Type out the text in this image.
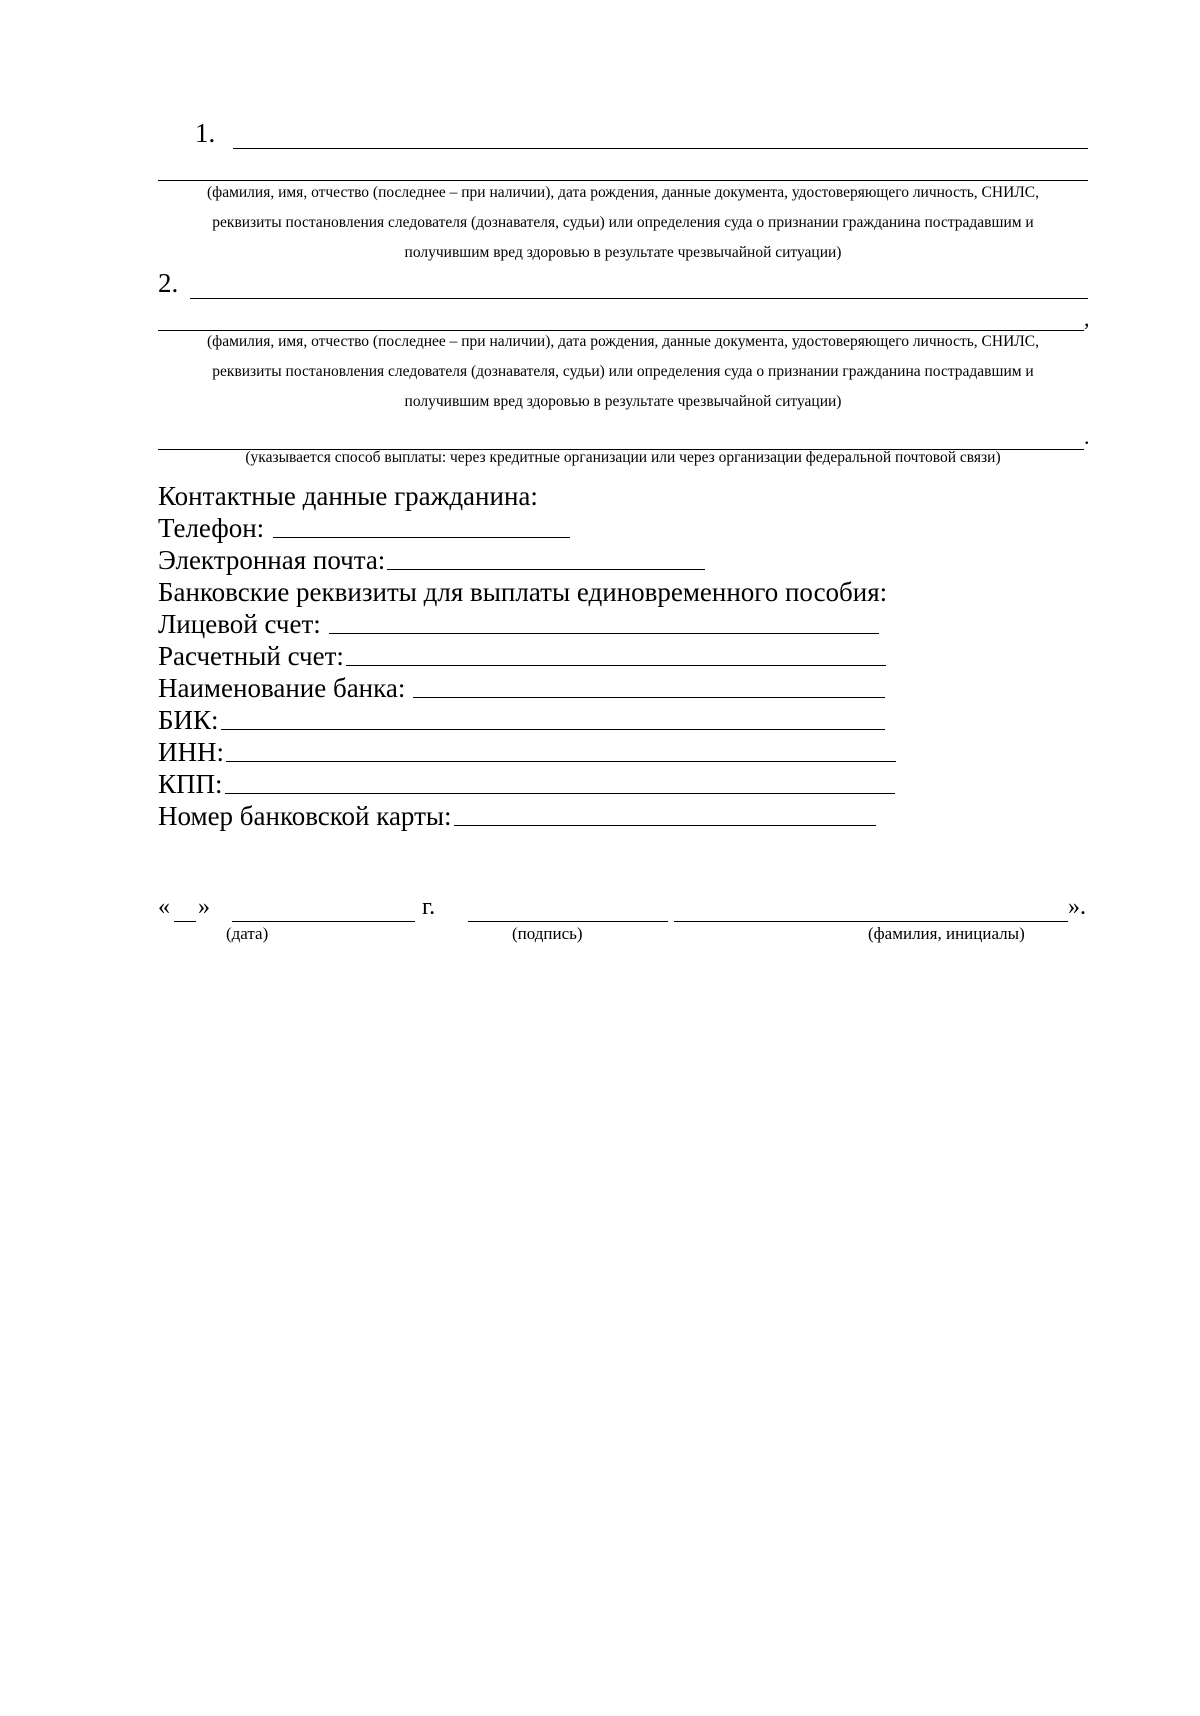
1.
(фамилия, имя, отчество (последнее – при наличии), дата рождения, данные документа, удостоверяющего личность, СНИЛС,
реквизиты постановления следователя (дознавателя, судьи) или определения суда о признании гражданина пострадавшим и
получившим вред здоровью в результате чрезвычайной ситуации)
2.
,
(фамилия, имя, отчество (последнее – при наличии), дата рождения, данные документа, удостоверяющего личность, СНИЛС,
реквизиты постановления следователя (дознавателя, судьи) или определения суда о признании гражданина пострадавшим и
получившим вред здоровью в результате чрезвычайной ситуации)
.
(указывается способ выплаты: через кредитные организации или через организации федеральной почтовой связи)
Контактные данные гражданина:
Телефон:
Электронная почта:
Банковские реквизиты для выплаты единовременного пособия:
Лицевой счет:
Расчетный счет:
Наименование банка:
БИК:
ИНН:
КПП:
Номер банковской карты:
« »	г.	».
(дата)	(подпись)	(фамилия, инициалы)
